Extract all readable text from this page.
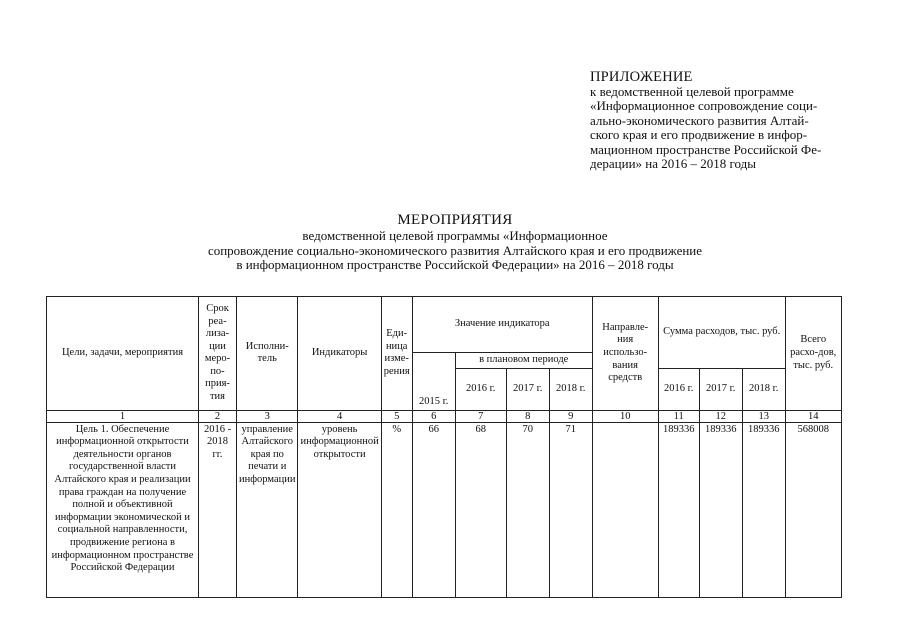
ПРИЛОЖЕНИЕ
к ведомственной целевой программе
«Информационное сопровождение соци-
ально-экономического развития Алтай-
ского края и его продвижение в инфор-
мационном пространстве Российской Фе-
дерации» на 2016 – 2018 годы
МЕРОПРИЯТИЯ
ведомственной целевой программы «Информационное
сопровождение социально-экономического развития Алтайского края и его продвижение
в информационном пространстве Российской Федерации» на 2016 – 2018 годы
Цели, задачи, мероприятия	Срок реа-лиза-ции меро-по-прия-тия	Исполни-тель	Индикаторы	Еди-ница изме-рения	Значение индикатора				Направле-ния использо-вания средств	Сумма расходов, тыс. руб.			Всего расхо-дов, тыс. руб.
					2015 г.	в плановом периоде							
						2016 г.	2017 г.	2018 г.		2016 г.	2017 г.	2018 г.	
1	2	3	4	5	6	7	8	9	10	11	12	13	14
Цель 1. Обеспечение информационной открытости деятельности органов государственной власти Алтайского края и реализации права граждан на получение полной и объективной информации экономической и социальной направленности, продвижение региона в информационном пространстве Российской Федерации	2016 - 2018 гг.	управление Алтайского края по печати и информации	уровень информационной открытости	%	66	68	70	71		189336	189336	189336	568008
